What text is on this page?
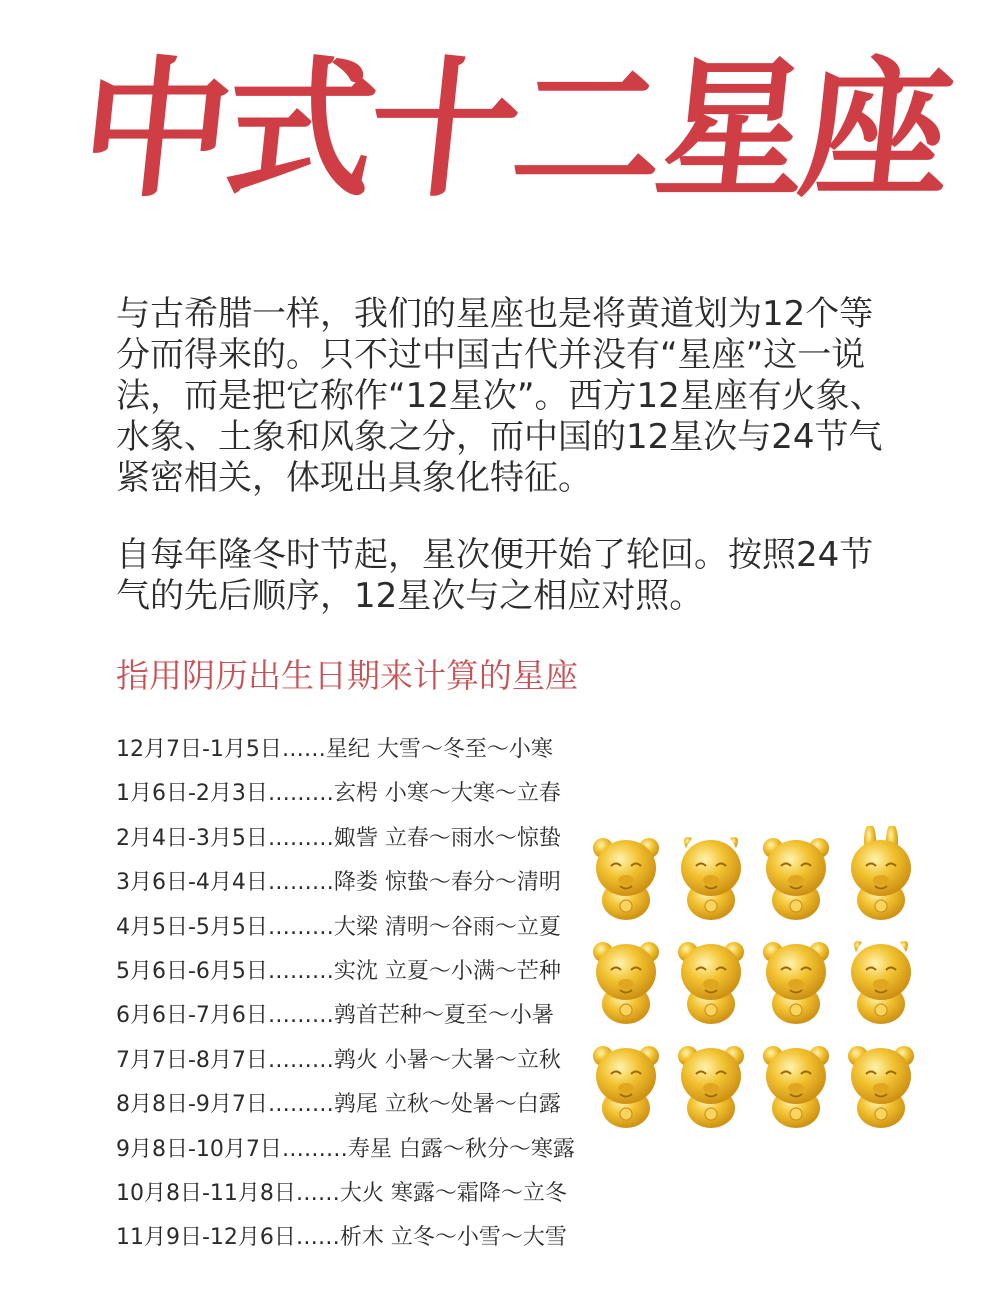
中式十二星座

与古希腊一样，我们的星座也是将黄道划为12个等分而得来的。只不过中国古代并没有“星座”这一说法，而是把它称作“12星次”。西方12星座有火象、水象、土象和风象之分，而中国的12星次与24节气紧密相关，体现出具象化特征。

自每年隆冬时节起，星次便开始了轮回。按照24节气的先后顺序，12星次与之相应对照。

指用阴历出生日期来计算的星座
12月7日-1月5日……星纪 大雪～冬至～小寒
1月6日-2月3日………玄枵 小寒～大寒～立春
2月4日-3月5日………娵訾 立春～雨水～惊蛰
3月6日-4月4日………降娄 惊蛰～春分～清明
4月5日-5月5日………大梁 清明～谷雨～立夏
5月6日-6月5日………实沈 立夏～小满～芒种
6月6日-7月6日………鹑首芒种～夏至～小暑
7月7日-8月7日………鹑火 小暑～大暑～立秋
8月8日-9月7日………鹑尾 立秋～处暑～白露
9月8日-10月7日………寿星 白露～秋分～寒露
10月8日-11月8日……大火 寒露～霜降～立冬
11月9日-12月6日……析木 立冬～小雪～大雪
